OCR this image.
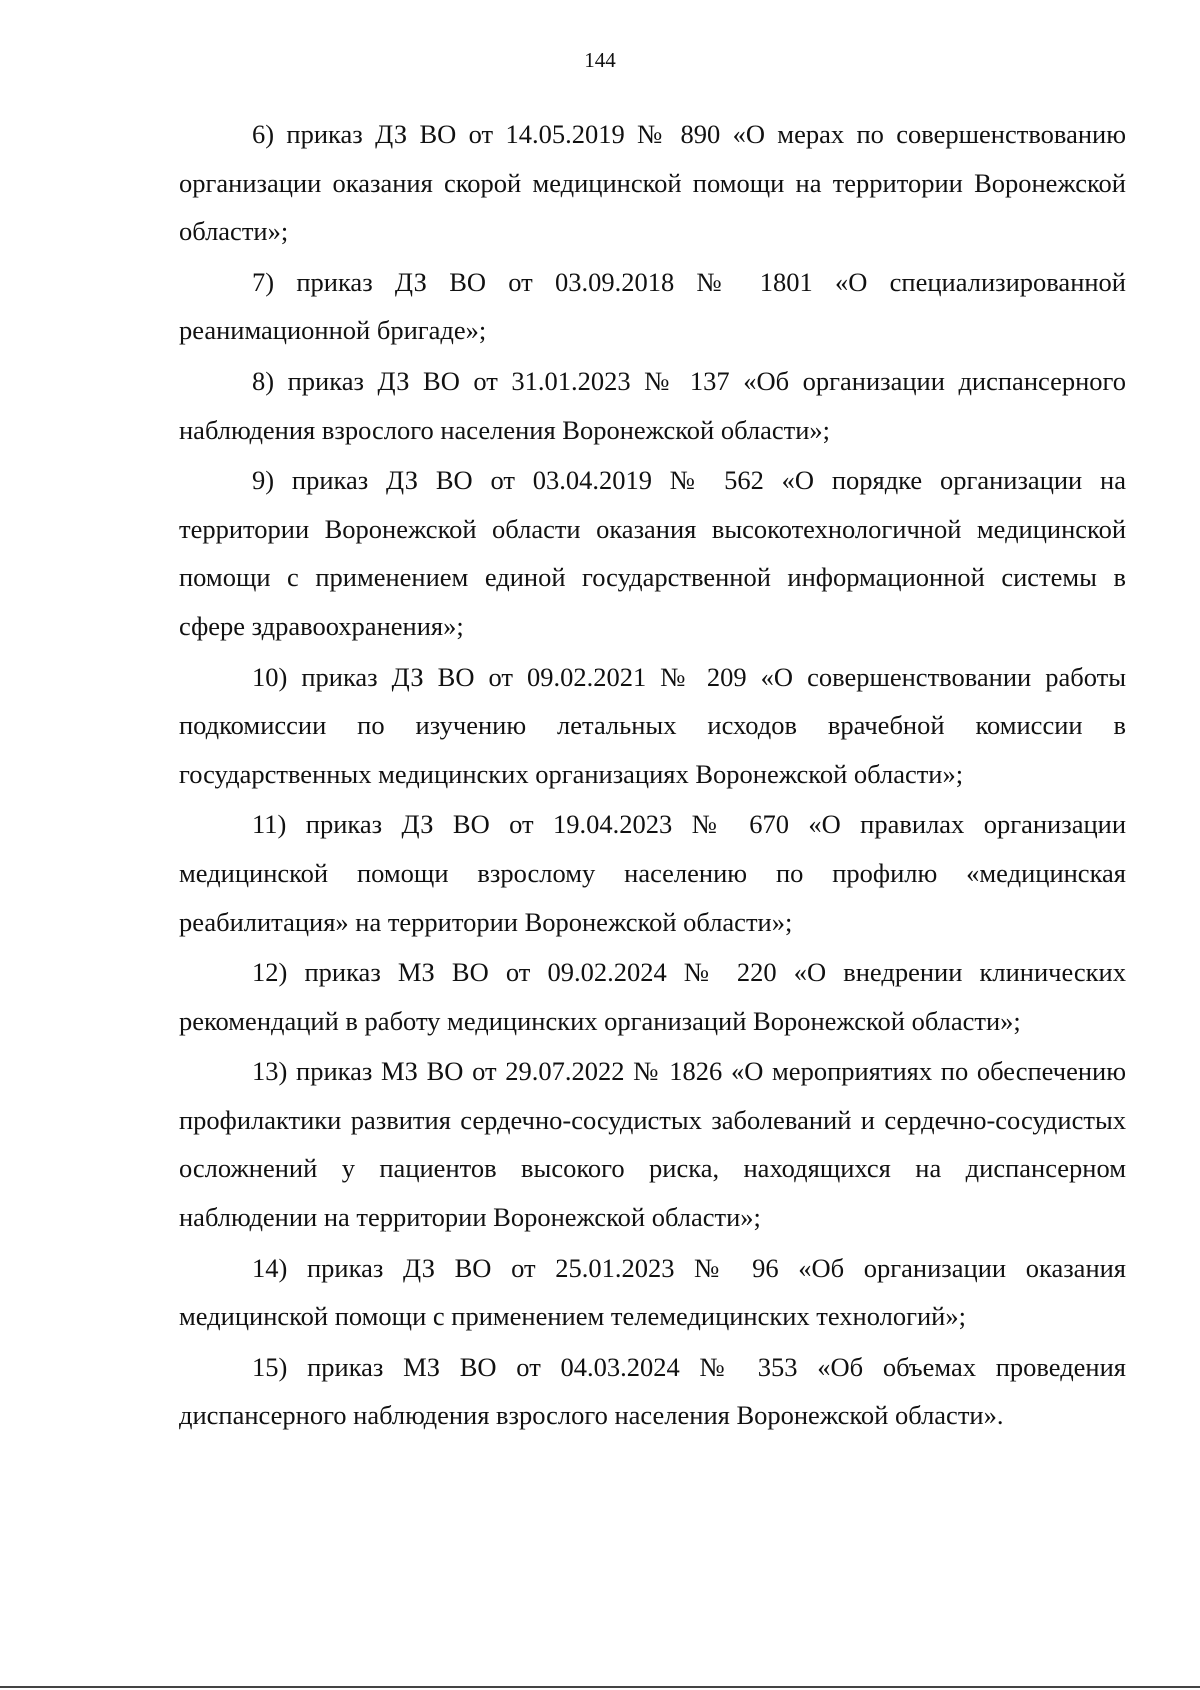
144

6) приказ ДЗ ВО от 14.05.2019 № 890 «О мерах по совершенствованию организации оказания скорой медицинской помощи на территории Воронежской области»;

7) приказ ДЗ ВО от 03.09.2018 № 1801 «О специализированной реанимационной бригаде»;

8) приказ ДЗ ВО от 31.01.2023 № 137 «Об организации диспансерного наблюдения взрослого населения Воронежской области»;

9) приказ ДЗ ВО от 03.04.2019 № 562 «О порядке организации на территории Воронежской области оказания высокотехнологичной медицинской помощи с применением единой государственной информационной системы в сфере здравоохранения»;

10) приказ ДЗ ВО от 09.02.2021 № 209 «О совершенствовании работы подкомиссии по изучению летальных исходов врачебной комиссии в государственных медицинских организациях Воронежской области»;

11) приказ ДЗ ВО от 19.04.2023 № 670 «О правилах организации медицинской помощи взрослому населению по профилю «медицинская реабилитация» на территории Воронежской области»;

12) приказ МЗ ВО от 09.02.2024 № 220 «О внедрении клинических рекомендаций в работу медицинских организаций Воронежской области»;

13) приказ МЗ ВО от 29.07.2022 № 1826 «О мероприятиях по обеспечению профилактики развития сердечно-сосудистых заболеваний и сердечно-сосудистых осложнений у пациентов высокого риска, находящихся на диспансерном наблюдении на территории Воронежской области»;

14) приказ ДЗ ВО от 25.01.2023 № 96 «Об организации оказания медицинской помощи с применением телемедицинских технологий»;

15) приказ МЗ ВО от 04.03.2024 № 353 «Об объемах проведения диспансерного наблюдения взрослого населения Воронежской области».
